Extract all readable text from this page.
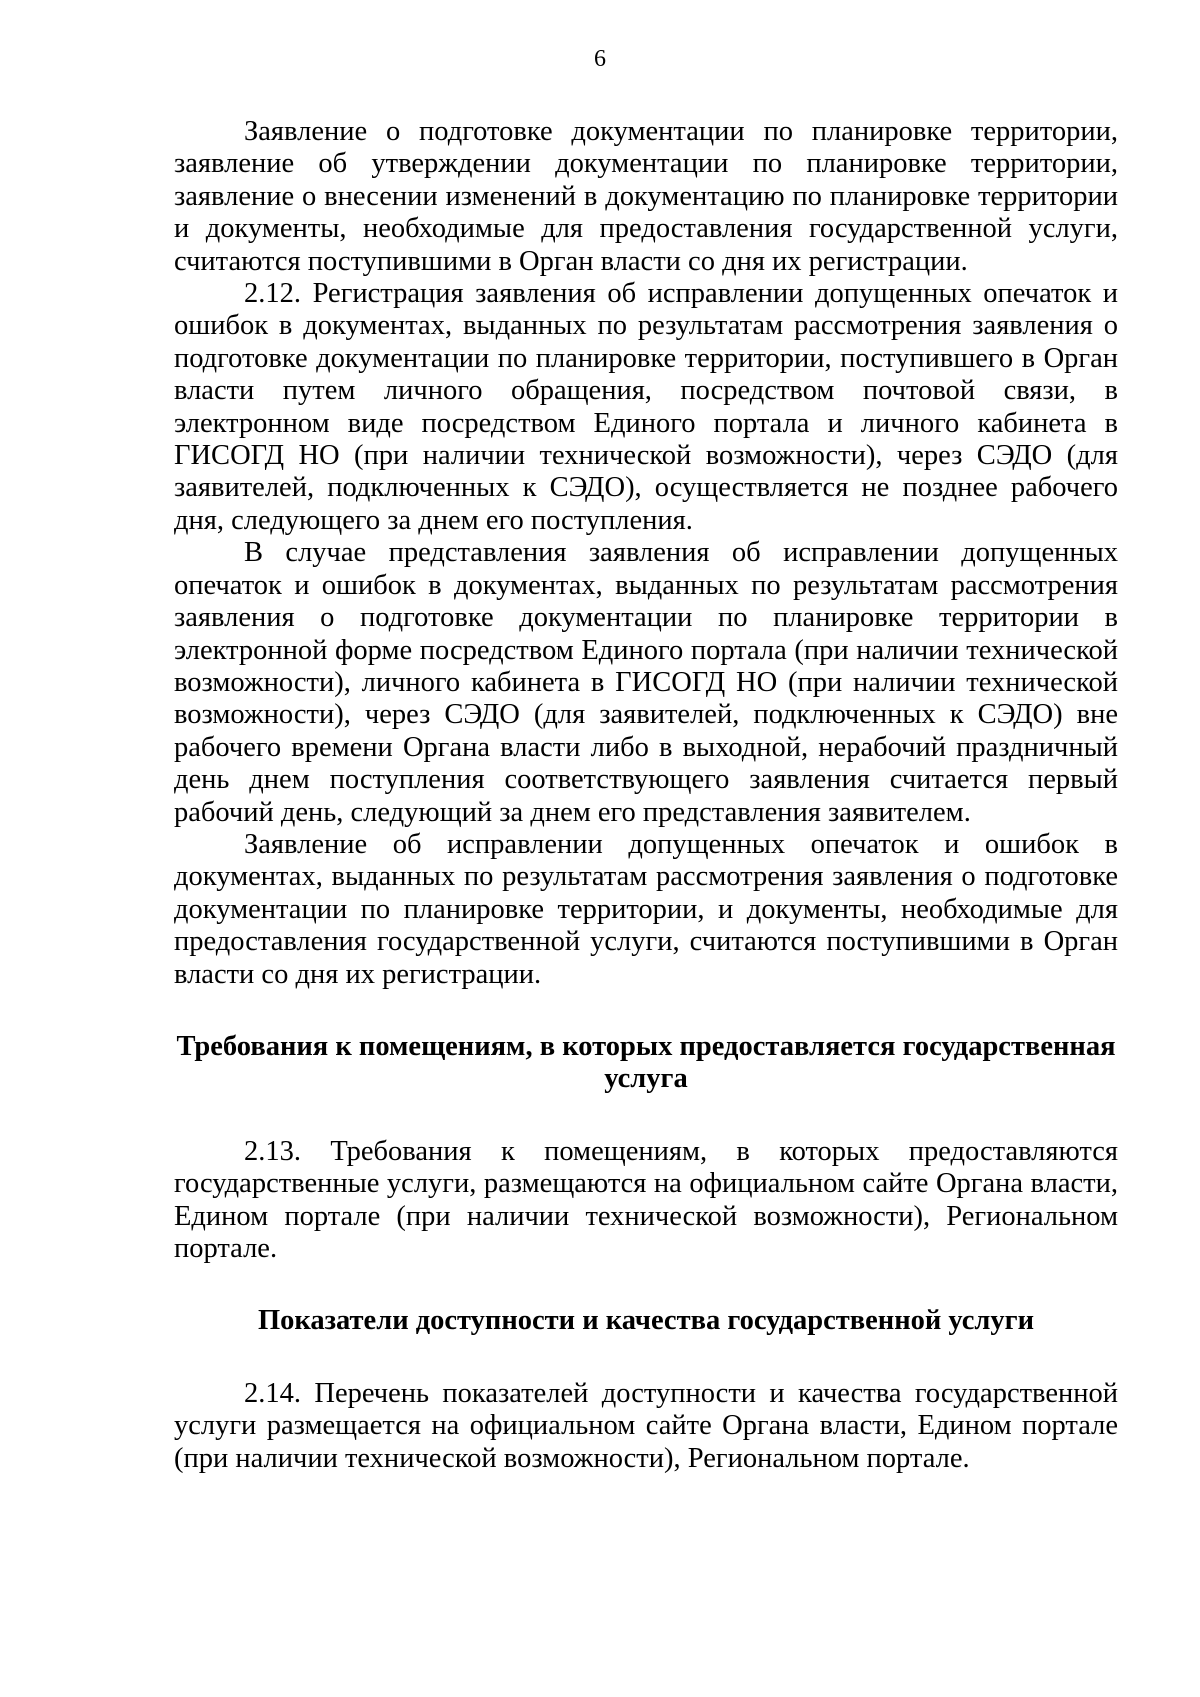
6

Заявление о подготовке документации по планировке территории, заявление об утверждении документации по планировке территории, заявление о внесении изменений в документацию по планировке территории и документы, необходимые для предоставления государственной услуги, считаются поступившими в Орган власти со дня их регистрации.

2.12. Регистрация заявления об исправлении допущенных опечаток и ошибок в документах, выданных по результатам рассмотрения заявления о подготовке документации по планировке территории, поступившего в Орган власти путем личного обращения, посредством почтовой связи, в электронном виде посредством Единого портала и личного кабинета в ГИСОГД НО (при наличии технической возможности), через СЭДО (для заявителей, подключенных к СЭДО), осуществляется не позднее рабочего дня, следующего за днем его поступления.

В случае представления заявления об исправлении допущенных опечаток и ошибок в документах, выданных по результатам рассмотрения заявления о подготовке документации по планировке территории в электронной форме посредством Единого портала (при наличии технической возможности), личного кабинета в ГИСОГД НО (при наличии технической возможности), через СЭДО (для заявителей, подключенных к СЭДО) вне рабочего времени Органа власти либо в выходной, нерабочий праздничный день днем поступления соответствующего заявления считается первый рабочий день, следующий за днем его представления заявителем.

Заявление об исправлении допущенных опечаток и ошибок в документах, выданных по результатам рассмотрения заявления о подготовке документации по планировке территории, и документы, необходимые для предоставления государственной услуги, считаются поступившими в Орган власти со дня их регистрации.

Требования к помещениям, в которых предоставляется государственная услуга

2.13. Требования к помещениям, в которых предоставляются государственные услуги, размещаются на официальном сайте Органа власти, Едином портале (при наличии технической возможности), Региональном портале.

Показатели доступности и качества государственной услуги

2.14. Перечень показателей доступности и качества государственной услуги размещается на официальном сайте Органа власти, Едином портале (при наличии технической возможности), Региональном портале.
